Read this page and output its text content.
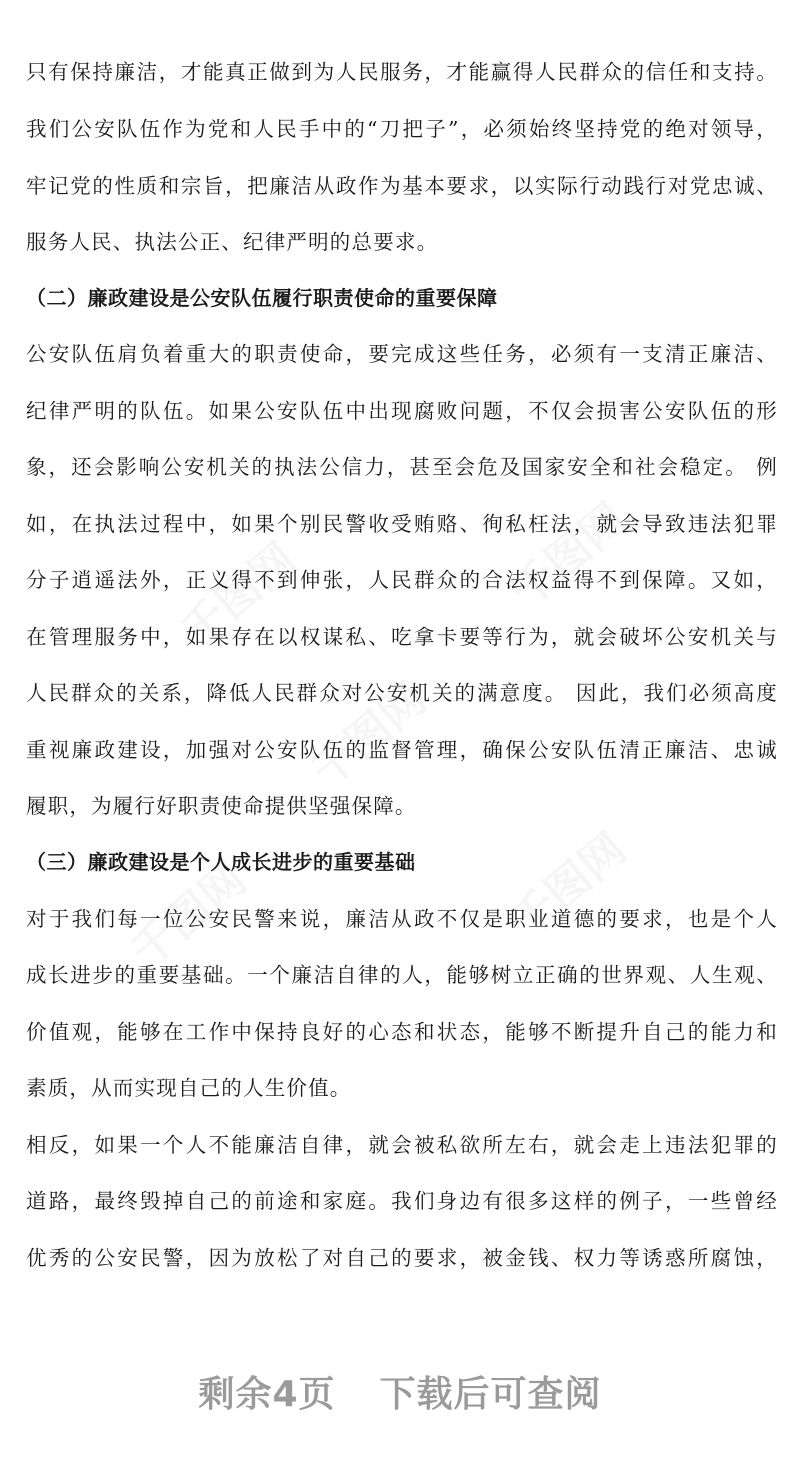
千图网	千图网
千图网
千图网	千图网
只有保持廉洁，才能真正做到为人民服务，才能赢得人民群众的信任和支持。
我们公安队伍作为党和人民手中的“刀把子”，必须始终坚持党的绝对领导，
牢记党的性质和宗旨，把廉洁从政作为基本要求，以实际行动践行对党忠诚、
服务人民、执法公正、纪律严明的总要求。
（二）廉政建设是公安队伍履行职责使命的重要保障
公安队伍肩负着重大的职责使命，要完成这些任务，必须有一支清正廉洁、
纪律严明的队伍。如果公安队伍中出现腐败问题，不仅会损害公安队伍的形
象，还会影响公安机关的执法公信力，甚至会危及国家安全和社会稳定。 例
如，在执法过程中，如果个别民警收受贿赂、徇私枉法，就会导致违法犯罪
分子逍遥法外，正义得不到伸张，人民群众的合法权益得不到保障。又如，
在管理服务中，如果存在以权谋私、吃拿卡要等行为，就会破坏公安机关与
人民群众的关系，降低人民群众对公安机关的满意度。 因此，我们必须高度
重视廉政建设，加强对公安队伍的监督管理，确保公安队伍清正廉洁、忠诚
履职，为履行好职责使命提供坚强保障。
（三）廉政建设是个人成长进步的重要基础
对于我们每一位公安民警来说，廉洁从政不仅是职业道德的要求，也是个人
成长进步的重要基础。一个廉洁自律的人，能够树立正确的世界观、人生观、
价值观，能够在工作中保持良好的心态和状态，能够不断提升自己的能力和
素质，从而实现自己的人生价值。
相反，如果一个人不能廉洁自律，就会被私欲所左右，就会走上违法犯罪的
道路，最终毁掉自己的前途和家庭。我们身边有很多这样的例子，一些曾经
优秀的公安民警，因为放松了对自己的要求，被金钱、权力等诱惑所腐蚀，
剩余4页 下载后可查阅
